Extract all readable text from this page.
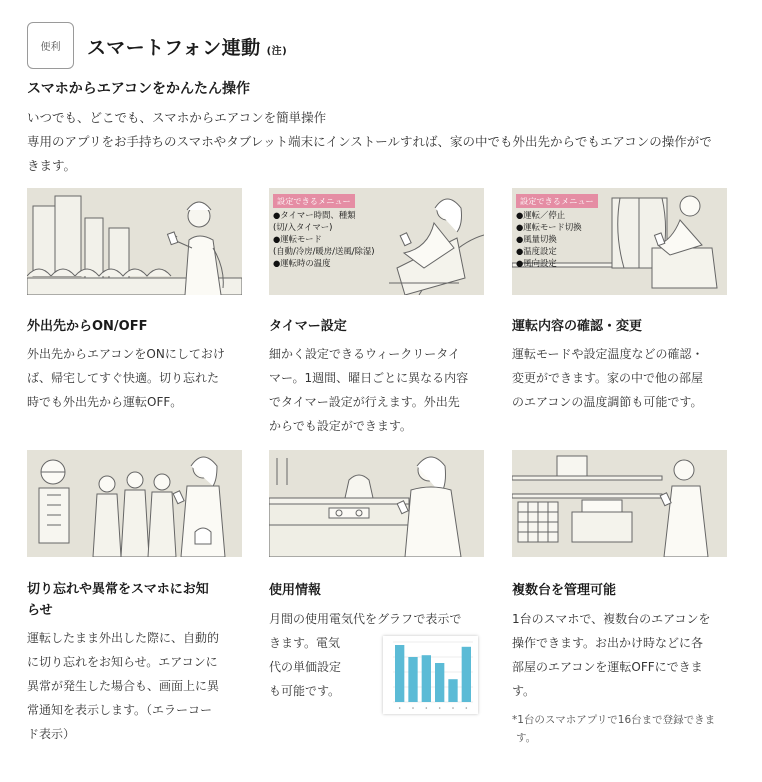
便利 スマートフォン連動 (注)
スマホからエアコンをかんたん操作
いつでも、どこでも、スマホからエアコンを簡単操作
専用のアプリをお手持ちのスマホやタブレット端末にインストールすれば、家の中でも外出先からでもエアコンの操作がで
きます。
設定できるメニュー
●タイマー時間、種類
(切/入タイマー)
●運転モード
(自動/冷房/暖房/送風/除湿)
●運転時の温度
設定できるメニュー
●運転／停止
●運転モード切換
●風量切換
●温度設定
●風向設定
外出先からON/OFF
外出先からエアコンをONにしておけ
ば、帰宅してすぐ快適。切り忘れた
時でも外出先から運転OFF。
タイマー設定
細かく設定できるウィークリータイ
マー。1週間、曜日ごとに異なる内容
でタイマー設定が行えます。外出先
からでも設定ができます。
運転内容の確認・変更
運転モードや設定温度などの確認・
変更ができます。家の中で他の部屋
のエアコンの温度調節も可能です。
切り忘れや異常をスマホにお知
らせ
運転したまま外出した際に、自動的
に切り忘れをお知らせ。エアコンに
異常が発生した場合も、画面上に異
常通知を表示します。（エラーコー
ド表示）
使用情報
月間の使用電気代をグラフで表示で
きます。電気
代の単価設定
も可能です。
複数台を管理可能
1台のスマホで、複数台のエアコンを
操作できます。お出かけ時などに各
部屋のエアコンを運転OFFにできま
す。
*1台のスマホアプリで16台まで登録できま
す。
